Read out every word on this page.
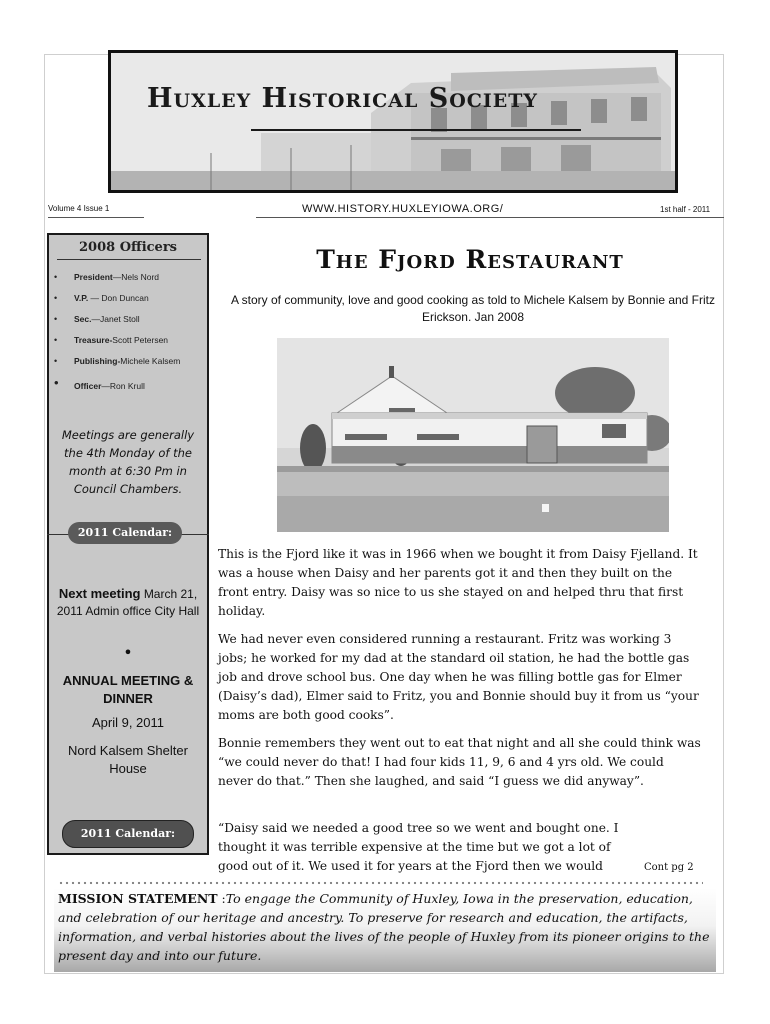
Huxley Historical Society
Volume 4 Issue 1	WWW.HISTORY.HUXLEYIOWA.ORG/	1st half - 2011
2008 Officers
• President—Nels Nord
• V.P. — Don Duncan
• Sec.—Janet Stoll
• Treasure-Scott Petersen
• Publishing-Michele Kalsem
• Officer—Ron Krull
Meetings are generally the 4th Monday of the month at 6:30 Pm in Council Chambers.
2011 Calendar:
Next meeting March 21, 2011 Admin office City Hall
•
ANNUAL MEETING & DINNER
April 9, 2011
Nord Kalsem Shelter House
2011 Calendar:
The Fjord Restaurant

A story of community, love and good cooking as told to Michele Kalsem by Bonnie and Fritz Erickson. Jan 2008

This is the Fjord like it was in 1966 when we bought it from Daisy Fjelland. It was a house when Daisy and her parents got it and then they built on the front entry. Daisy was so nice to us she stayed on and helped thru that first holiday.

We had never even considered running a restaurant. Fritz was working 3 jobs; he worked for my dad at the standard oil station, he had the bottle gas job and drove school bus. One day when he was filling bottle gas for Elmer (Daisy’s dad), Elmer said to Fritz, you and Bonnie should buy it from us “your moms are both good cooks”.

Bonnie remembers they went out to eat that night and all she could think was “we could never do that! I had four kids 11, 9, 6 and 4 yrs old. We could never do that.” Then she laughed, and said “I guess we did anyway”.

“Daisy said we needed a good tree so we went and bought one. I thought it was terrible expensive at the time but we got a lot of good out of it. We used it for years at the Fjord then we would	Cont pg 2

MISSION STATEMENT :To engage the Community of Huxley, Iowa in the preservation, education, and celebration of our heritage and ancestry. To preserve for research and education, the artifacts, information, and verbal histories about the lives of the people of Huxley from its pioneer origins to the present day and into our future.
